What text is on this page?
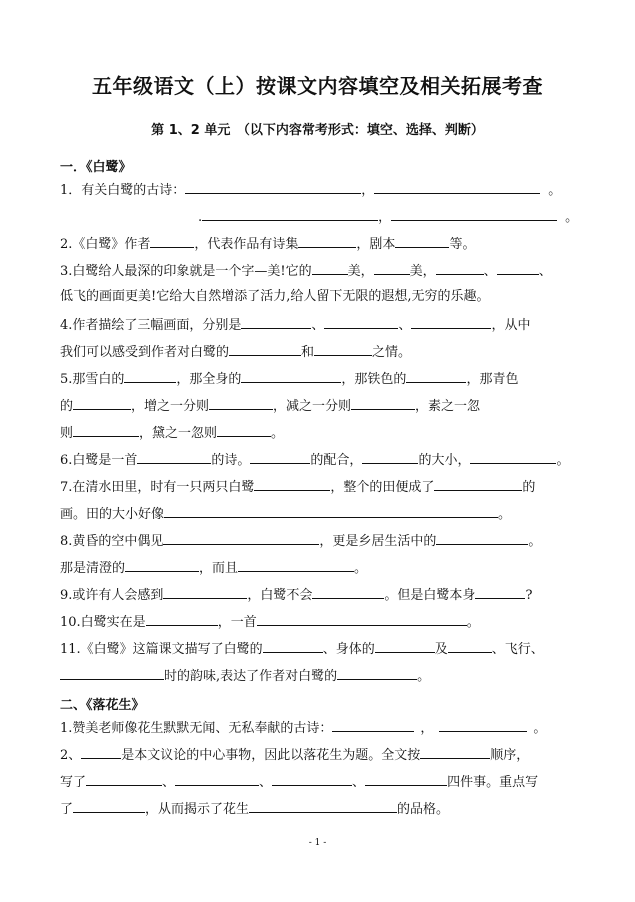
五年级语文（上）按课文内容填空及相关拓展考查
第 1、2 单元　（以下内容常考形式：填空、选择、判断）
一．《白鹭》
1．有关白鹭的古诗：	，	。
.	，	。
2.《白鹭》作者	，代表作品有诗集	，剧本	等。
3.白鹭给人最深的印象就是一个字—美!它的	美，	美，	、	、
低飞的画面更美!它给大自然增添了活力,给人留下无限的遐想,无穷的乐趣。
4.作者描绘了三幅画面，分别是	、	、	，从中
我们可以感受到作者对白鹭的	和	之情。
5.那雪白的	，那全身的	，那铁色的	，那青色
的	，增之一分则	，减之一分则	，素之一忽
则	，黛之一忽则	。
6.白鹭是一首	的诗。	的配合，	的大小，	。
7.在清水田里，时有一只两只白鹭	，整个的田便成了	的
画。田的大小好像	。
8.黄昏的空中偶见	，更是乡居生活中的	。
那是清澄的	，而且	。
9.或许有人会感到	，白鹭不会	。但是白鹭本身	?
10.白鹭实在是	，一首	。
11.《白鹭》这篇课文描写了白鹭的	、身体的	及	、飞行、
时的韵味,表达了作者对白鹭的	。
二、《落花生》
1.赞美老师像花生默默无闻、无私奉献的古诗：	，	。
2、	是本文议论的中心事物，因此以落花生为题。全文按	顺序，
写了	、	、	、	四件事。重点写
了	，从而揭示了花生	的品格。
- 1 -
